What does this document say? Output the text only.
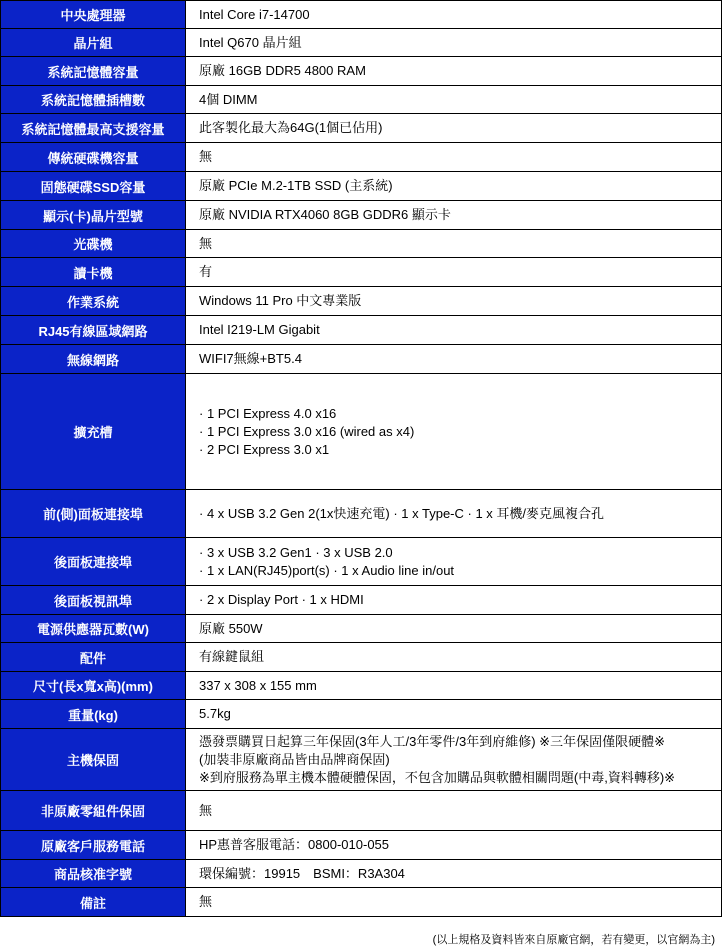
中央處理器	Intel Core i7-14700

晶片組	Intel Q670 晶片組

系統記憶體容量	原廠 16GB DDR5 4800 RAM

系統記憶體插槽數	4個 DIMM

系統記憶體最高支援容量	此客製化最大為64G(1個已佔用)

傳統硬碟機容量	無

固態硬碟SSD容量	原廠 PCIe M.2-1TB SSD (主系統)

顯示(卡)晶片型號	原廠 NVIDIA RTX4060 8GB GDDR6 顯示卡

光碟機	無

讀卡機	有

作業系統	Windows 11 Pro 中文專業版

RJ45有線區域網路	Intel I219-LM Gigabit

無線網路	WIFI7無線+BT5.4

擴充槽	· 1 PCI Express 4.0 x16
· 1 PCI Express 3.0 x16 (wired as x4)
· 2 PCI Express 3.0 x1

前(側)面板連接埠	· 4 x USB 3.2 Gen 2(1x快速充電) · 1 x Type-C · 1 x 耳機/麥克風複合孔

後面板連接埠	· 3 x USB 3.2 Gen1 · 3 x USB 2.0
· 1 x LAN(RJ45)port(s) · 1 x Audio line in/out

後面板視訊埠	· 2 x Display Port · 1 x HDMI

電源供應器瓦數(W)	原廠 550W

配件	有線鍵鼠組

尺寸(長x寬x高)(mm)	337 x 308 x 155 mm

重量(kg)	5.7kg

主機保固	憑發票購買日起算三年保固(3年人工/3年零件/3年到府維修) ※三年保固僅限硬體※
(加裝非原廠商品皆由品牌商保固)
※到府服務為單主機本體硬體保固，不包含加購品與軟體相關問題(中毒,資料轉移)※

非原廠零組件保固	無

原廠客戶服務電話	HP惠普客服電話：0800-010-055

商品核准字號	環保編號：19915　BSMI：R3A304

備註	無
(以上規格及資料皆來自原廠官網，若有變更，以官網為主)
